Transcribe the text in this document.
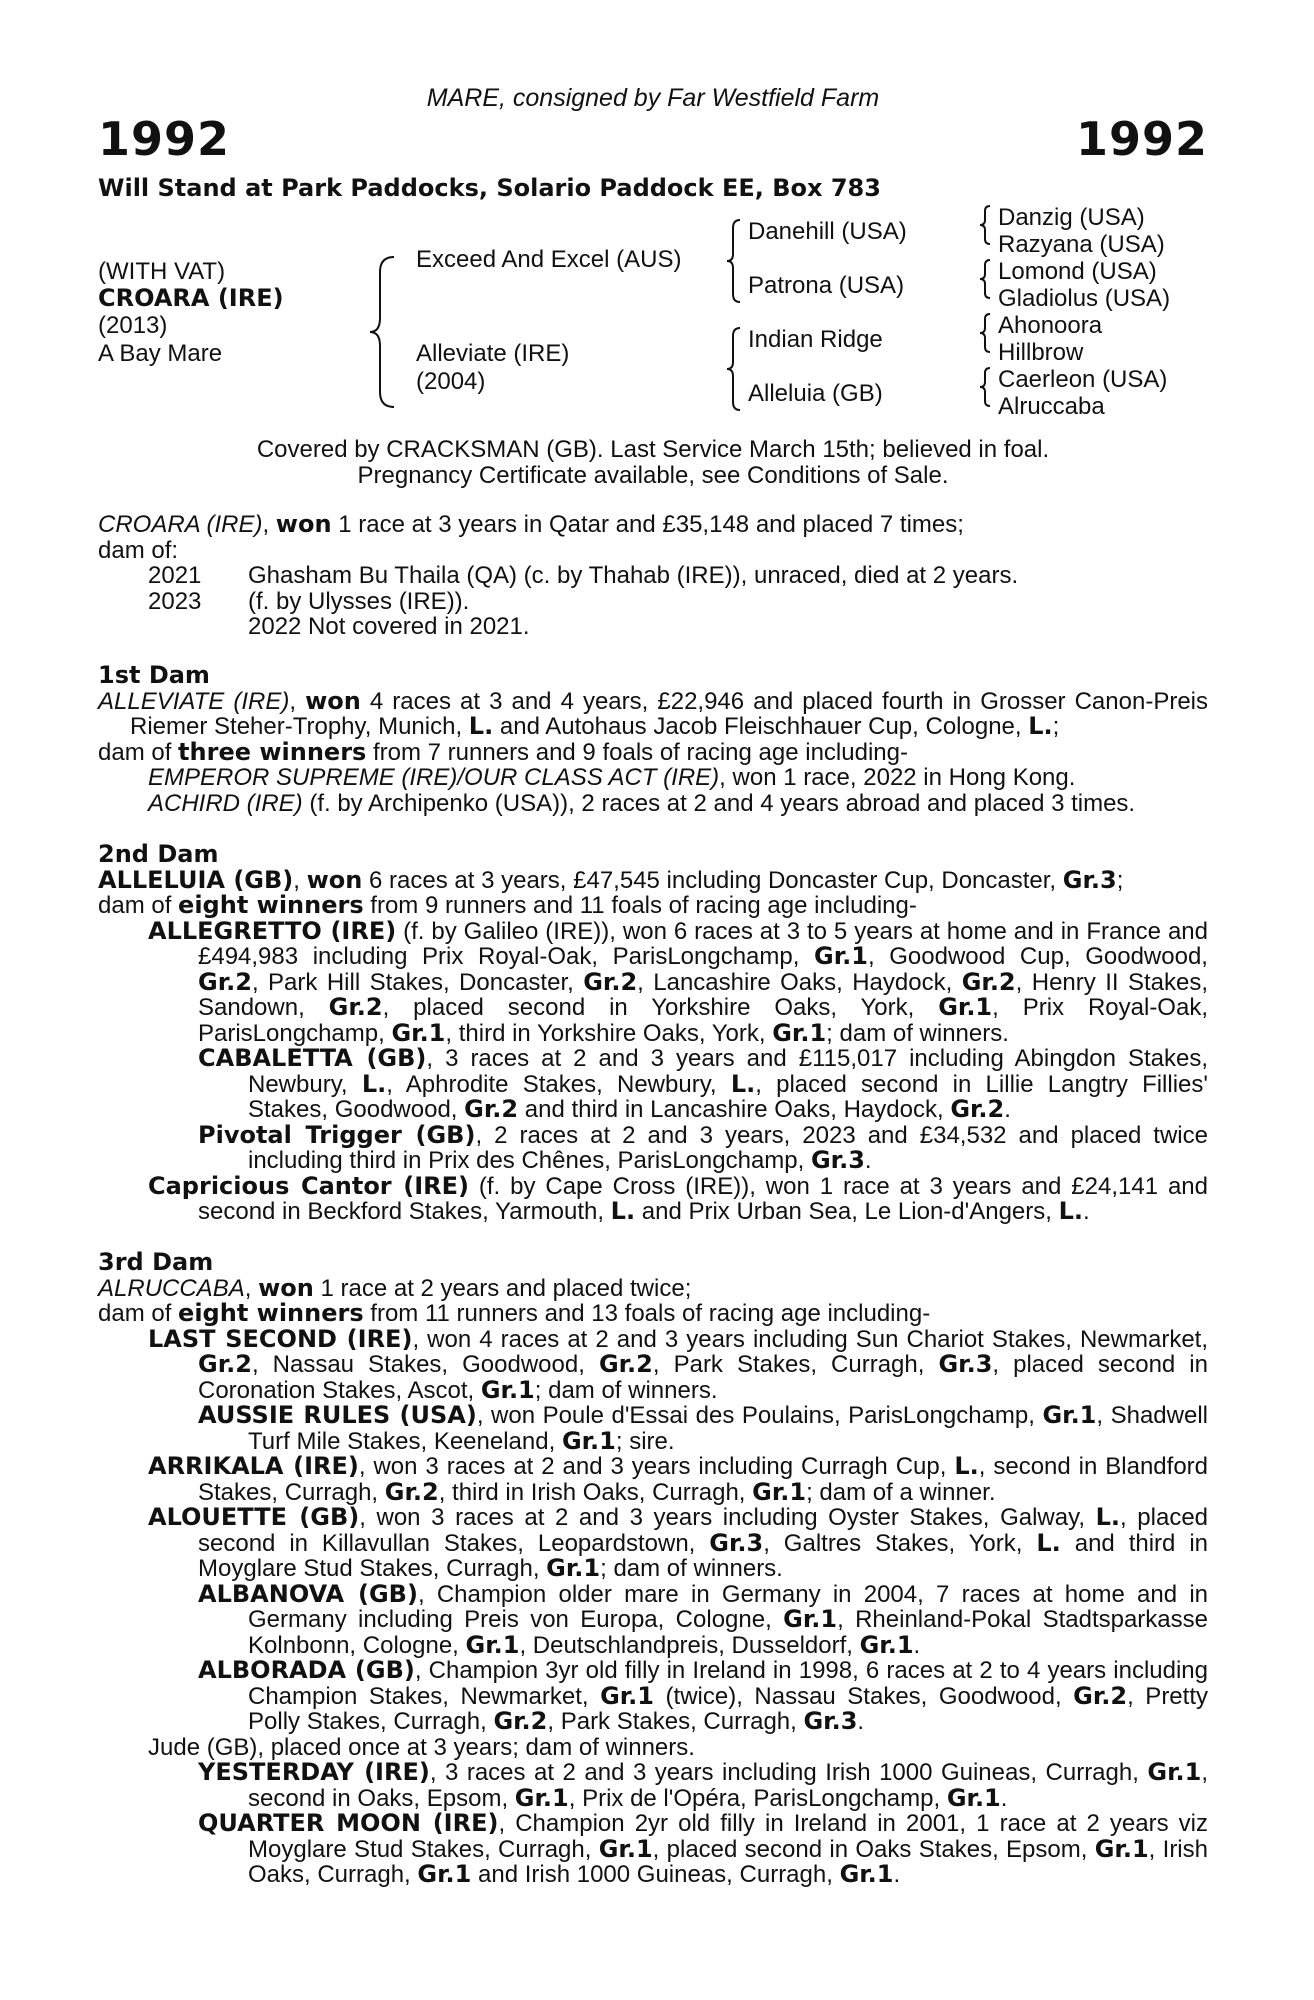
MARE, consigned by Far Westfield Farm
1992	1992
Will Stand at Park Paddocks, Solario Paddock EE, Box 783
(WITH VAT)
CROARA (IRE)
(2013)
A Bay Mare
Exceed And Excel (AUS)
Alleviate (IRE)
(2004)
Danehill (USA)
Patrona (USA)
Indian Ridge
Alleluia (GB)
Danzig (USA)
Razyana (USA)
Lomond (USA)
Gladiolus (USA)
Ahonoora
Hillbrow
Caerleon (USA)
Alruccaba
Covered by CRACKSMAN (GB). Last Service March 15th; believed in foal.
Pregnancy Certificate available, see Conditions of Sale.

CROARA (IRE), won 1 race at 3 years in Qatar and £35,148 and placed 7 times;

dam of:

2021 Ghasham Bu Thaila (QA) (c. by Thahab (IRE)), unraced, died at 2 years.

2023 (f. by Ulysses (IRE)).

2022 Not covered in 2021.

1st Dam

ALLEVIATE (IRE), won 4 races at 3 and 4 years, £22,946 and placed fourth in Grosser Canon-Preis Riemer Steher-Trophy, Munich, L. and Autohaus Jacob Fleischhauer Cup, Cologne, L.;

dam of three winners from 7 runners and 9 foals of racing age including-

EMPEROR SUPREME (IRE)/OUR CLASS ACT (IRE), won 1 race, 2022 in Hong Kong.

ACHIRD (IRE) (f. by Archipenko (USA)), 2 races at 2 and 4 years abroad and placed 3 times.

2nd Dam

ALLELUIA (GB), won 6 races at 3 years, £47,545 including Doncaster Cup, Doncaster, Gr.3;

dam of eight winners from 9 runners and 11 foals of racing age including-

ALLEGRETTO (IRE) (f. by Galileo (IRE)), won 6 races at 3 to 5 years at home and in France and £494,983 including Prix Royal-Oak, ParisLongchamp, Gr.1, Goodwood Cup, Goodwood, Gr.2, Park Hill Stakes, Doncaster, Gr.2, Lancashire Oaks, Haydock, Gr.2, Henry II Stakes, Sandown, Gr.2, placed second in Yorkshire Oaks, York, Gr.1, Prix Royal-Oak, ParisLongchamp, Gr.1, third in Yorkshire Oaks, York, Gr.1; dam of winners.

CABALETTA (GB), 3 races at 2 and 3 years and £115,017 including Abingdon Stakes, Newbury, L., Aphrodite Stakes, Newbury, L., placed second in Lillie Langtry Fillies' Stakes, Goodwood, Gr.2 and third in Lancashire Oaks, Haydock, Gr.2.

Pivotal Trigger (GB), 2 races at 2 and 3 years, 2023 and £34,532 and placed twice including third in Prix des Chênes, ParisLongchamp, Gr.3.

Capricious Cantor (IRE) (f. by Cape Cross (IRE)), won 1 race at 3 years and £24,141 and second in Beckford Stakes, Yarmouth, L. and Prix Urban Sea, Le Lion-d'Angers, L..

3rd Dam

ALRUCCABA, won 1 race at 2 years and placed twice;

dam of eight winners from 11 runners and 13 foals of racing age including-

LAST SECOND (IRE), won 4 races at 2 and 3 years including Sun Chariot Stakes, Newmarket, Gr.2, Nassau Stakes, Goodwood, Gr.2, Park Stakes, Curragh, Gr.3, placed second in Coronation Stakes, Ascot, Gr.1; dam of winners.

AUSSIE RULES (USA), won Poule d'Essai des Poulains, ParisLongchamp, Gr.1, Shadwell Turf Mile Stakes, Keeneland, Gr.1; sire.

ARRIKALA (IRE), won 3 races at 2 and 3 years including Curragh Cup, L., second in Blandford Stakes, Curragh, Gr.2, third in Irish Oaks, Curragh, Gr.1; dam of a winner.

ALOUETTE (GB), won 3 races at 2 and 3 years including Oyster Stakes, Galway, L., placed second in Killavullan Stakes, Leopardstown, Gr.3, Galtres Stakes, York, L. and third in Moyglare Stud Stakes, Curragh, Gr.1; dam of winners.

ALBANOVA (GB), Champion older mare in Germany in 2004, 7 races at home and in Germany including Preis von Europa, Cologne, Gr.1, Rheinland-Pokal Stadtsparkasse Kolnbonn, Cologne, Gr.1, Deutschlandpreis, Dusseldorf, Gr.1.

ALBORADA (GB), Champion 3yr old filly in Ireland in 1998, 6 races at 2 to 4 years including Champion Stakes, Newmarket, Gr.1 (twice), Nassau Stakes, Goodwood, Gr.2, Pretty Polly Stakes, Curragh, Gr.2, Park Stakes, Curragh, Gr.3.

Jude (GB), placed once at 3 years; dam of winners.

YESTERDAY (IRE), 3 races at 2 and 3 years including Irish 1000 Guineas, Curragh, Gr.1, second in Oaks, Epsom, Gr.1, Prix de l'Opéra, ParisLongchamp, Gr.1.

QUARTER MOON (IRE), Champion 2yr old filly in Ireland in 2001, 1 race at 2 years viz Moyglare Stud Stakes, Curragh, Gr.1, placed second in Oaks Stakes, Epsom, Gr.1, Irish Oaks, Curragh, Gr.1 and Irish 1000 Guineas, Curragh, Gr.1.
